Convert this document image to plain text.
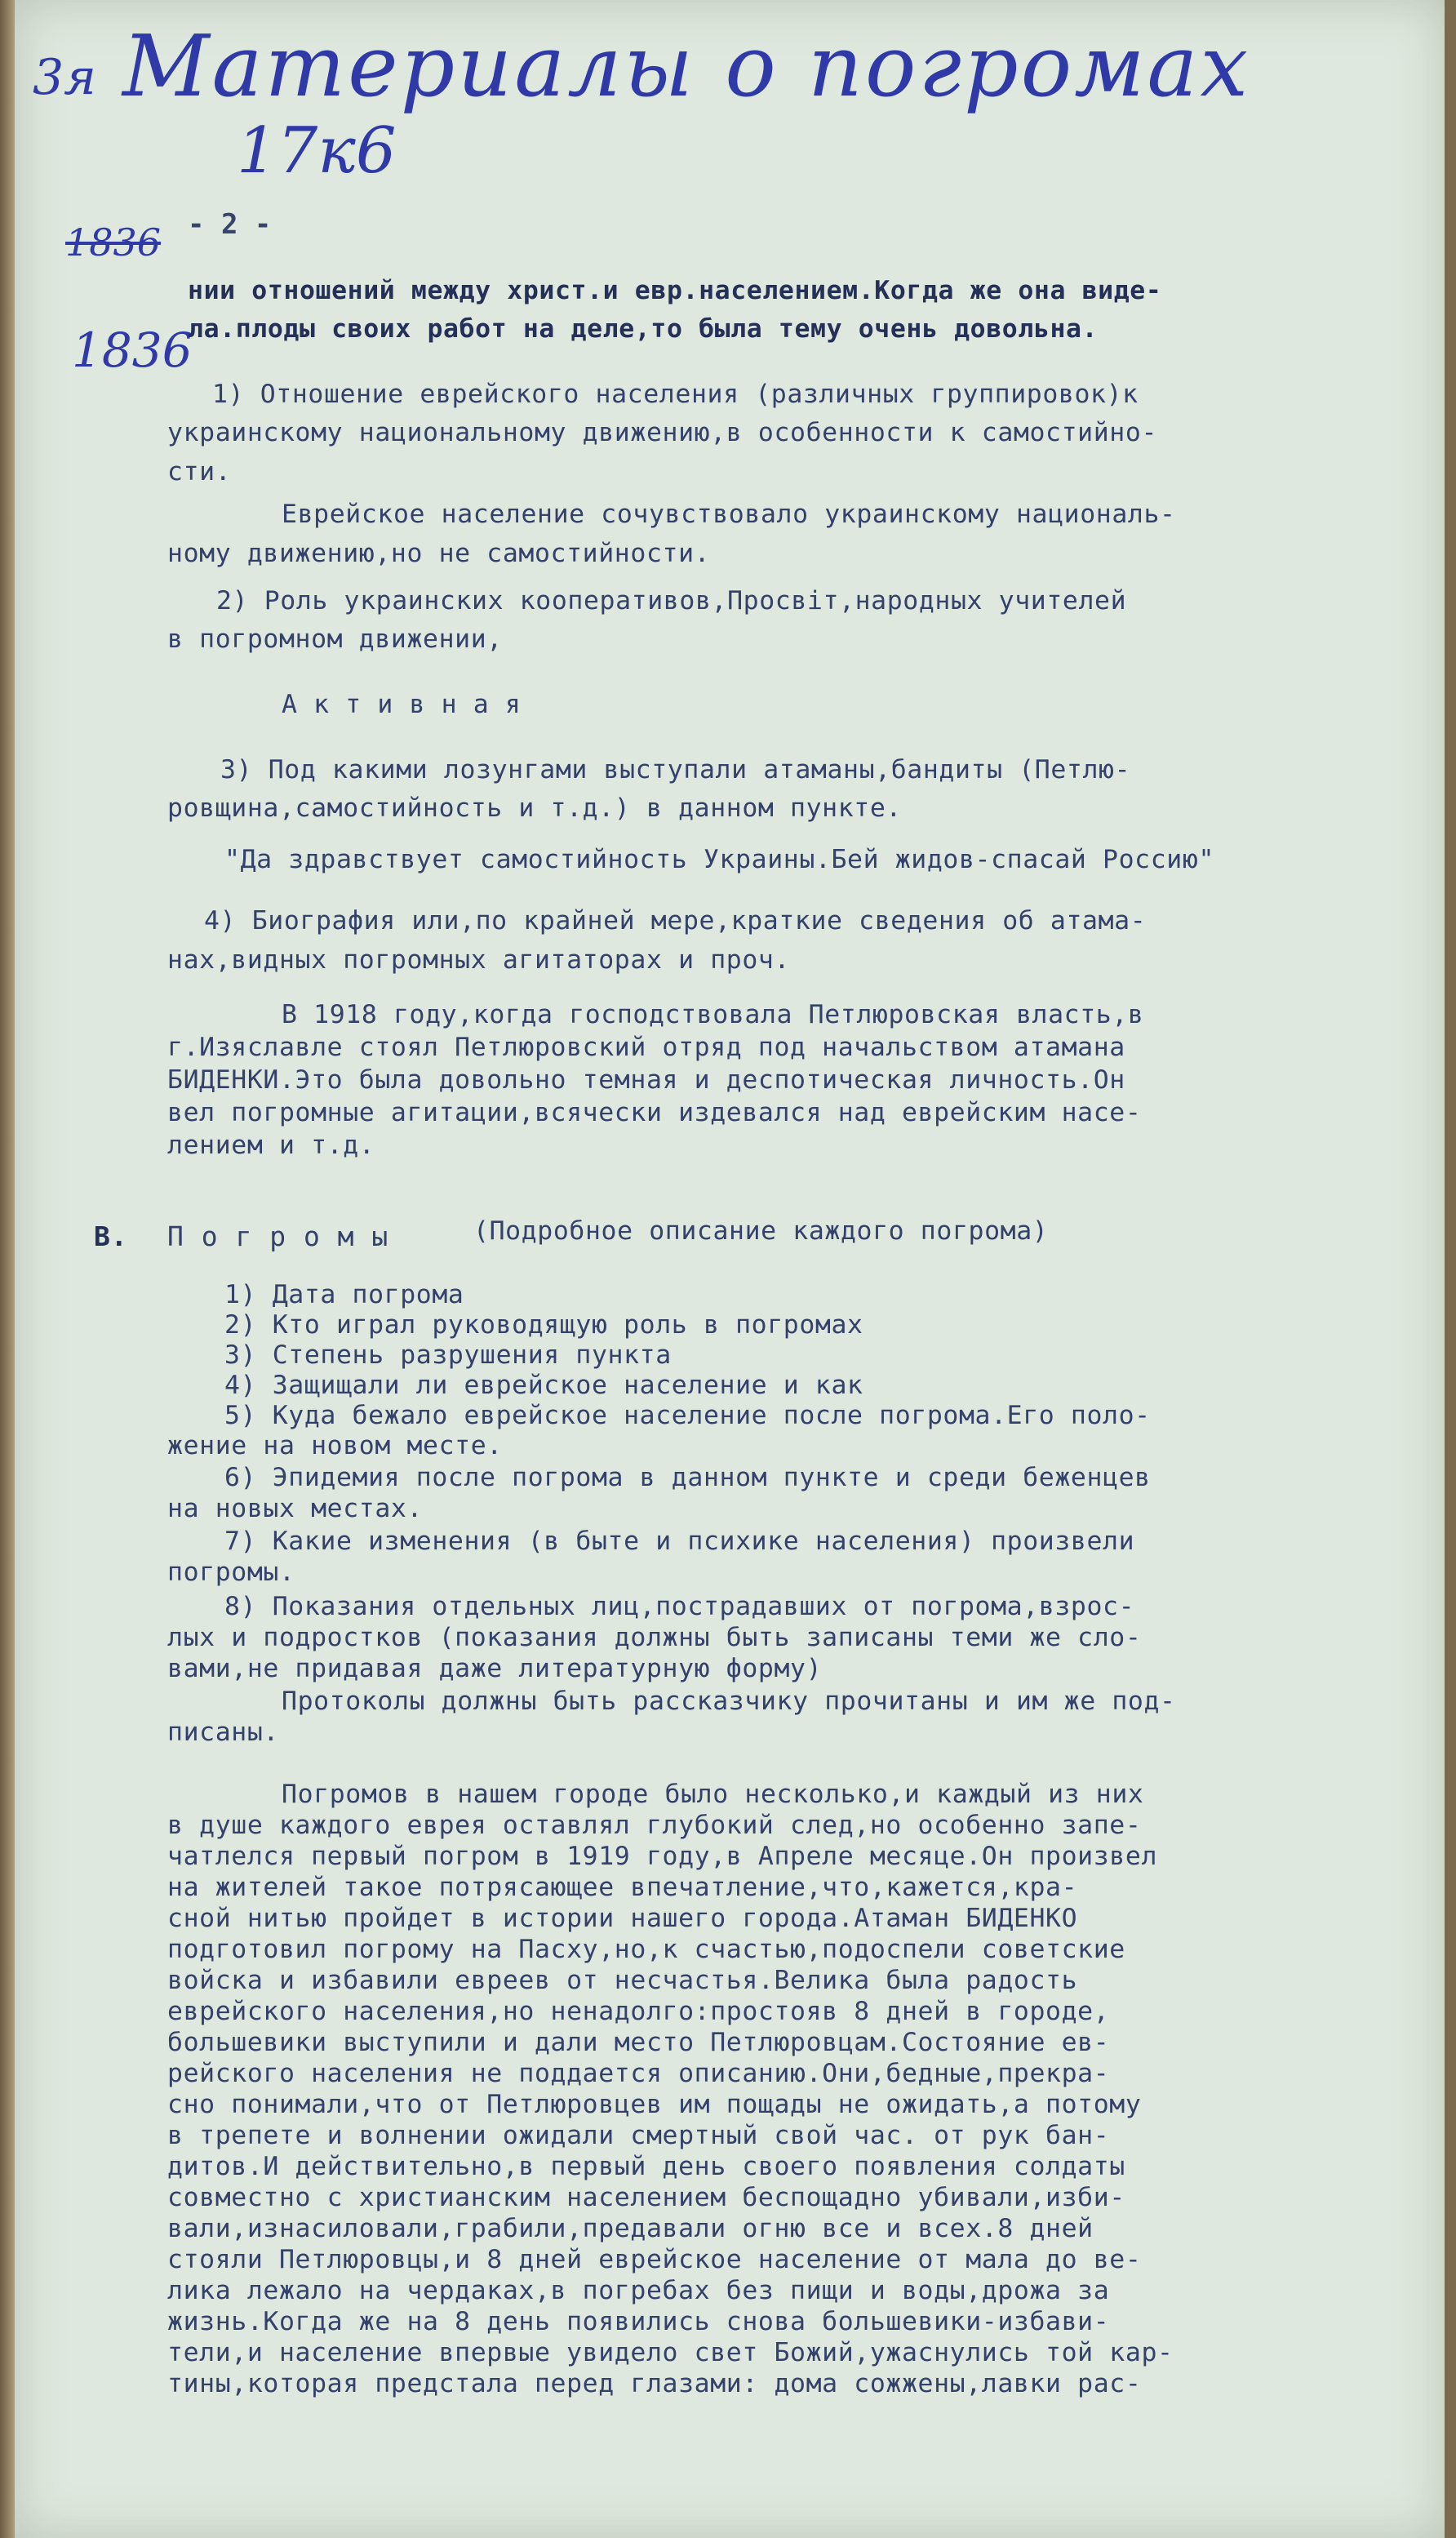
Материалы о погромах
17к6
3я
1836
1836
- 2 -
нии отношений между христ.и евр.населением.Когда же она виде-
ла.плоды своих работ на деле,то была тему очень довольна.
1) Отношение еврейского населения (различных группировок)к
украинскому национальному движению,в особенности к самостийно-
сти.
Еврейское население сочувствовало украинскому националь-
ному движению,но не самостийности.
2) Роль украинских кооперативов,Просвiт,народных учителей
в погромном движении,
А к т и в н а я
3) Под какими лозунгами выступали атаманы,бандиты (Петлю-
ровщина,самостийность и т.д.) в данном пункте.
"Да здравствует самостийность Украины.Бей жидов-спасай Россию"
4) Биография или,по крайней мере,краткие сведения об атама-
нах,видных погромных агитаторах и проч.
В 1918 году,когда господствовала Петлюровская власть,в
г.Изяславле стоял Петлюровский отряд под начальством атамана
БИДЕНКИ.Это была довольно темная и деспотическая личность.Он
вел погромные агитации,всячески издевался над еврейским насе-
лением и т.д.
В. П о г р о м ы	(Подробное описание каждого погрома)
1) Дата погрома
2) Кто играл руководящую роль в погромах
3) Степень разрушения пункта
4) Защищали ли еврейское население и как
5) Куда бежало еврейское население после погрома.Его поло-
жение на новом месте.
6) Эпидемия после погрома в данном пункте и среди беженцев
на новых местах.
7) Какие изменения (в быте и психике населения) произвели
погромы.
8) Показания отдельных лиц,пострадавших от погрома,взрос-
лых и подростков (показания должны быть записаны теми же сло-
вами,не придавая даже литературную форму)
Протоколы должны быть рассказчику прочитаны и им же под-
писаны.
Погромов в нашем городе было несколько,и каждый из них
в душе каждого еврея оставлял глубокий след,но особенно запе-
чатлелся первый погром в 1919 году,в Апреле месяце.Он произвел
на жителей такое потрясающее впечатление,что,кажется,кра-
сной нитью пройдет в истории нашего города.Атаман БИДЕНКО
подготовил погрому на Пасху,но,к счастью,подоспели советские
войска и избавили евреев от несчастья.Велика была радость
еврейского населения,но ненадолго:простояв 8 дней в городе,
большевики выступили и дали место Петлюровцам.Состояние ев-
рейского населения не поддается описанию.Они,бедные,прекра-
сно понимали,что от Петлюровцев им пощады не ожидать,а потому
в трепете и волнении ожидали смертный свой час. от рук бан-
дитов.И действительно,в первый день своего появления солдаты
совместно с христианским населением беспощадно убивали,изби-
вали,изнасиловали,грабили,предавали огню все и всех.8 дней
стояли Петлюровцы,и 8 дней еврейское население от мала до ве-
лика лежало на чердаках,в погребах без пищи и воды,дрожа за
жизнь.Когда же на 8 день появились снова большевики-избави-
тели,и население впервые увидело свет Божий,ужаснулись той кар-
тины,которая предстала перед глазами: дома сожжены,лавки рас-
